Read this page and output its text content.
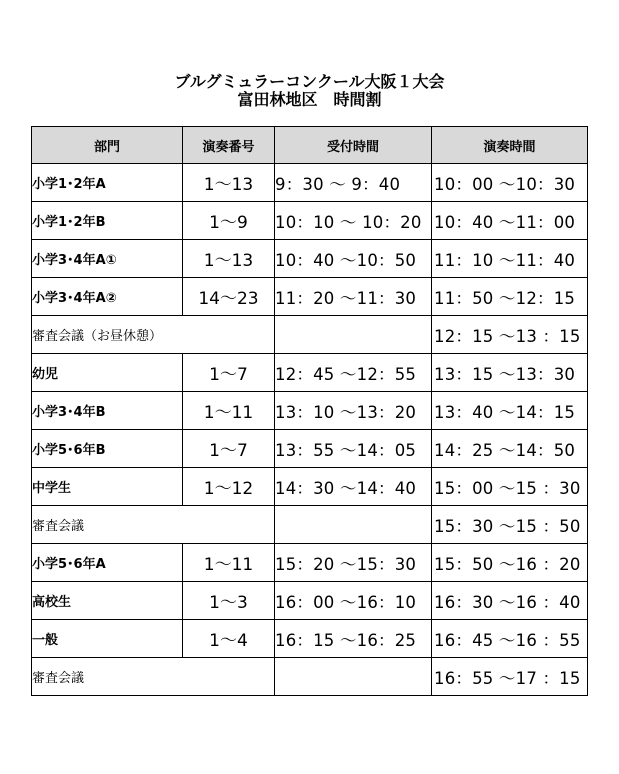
ブルグミュラーコンクール大阪１大会
富田林地区　時間割
部門	演奏番号	受付時間	演奏時間
小学1･2年A	1～13	9：30 ～ 9：40	10：00 ～10：30
小学1･2年B	1～9	10：10 ～ 10：20	10：40 ～11：00
小学3･4年A①	1～13	10：40 ～10：50	11：10 ～11：40
小学3･4年A②	14～23	11：20 ～11：30	11：50 ～12：15
審査会議（お昼休憩）			12：15 ～13 ：15
幼児	1～7	12：45 ～12：55	13：15 ～13：30
小学3･4年B	1～11	13：10 ～13：20	13：40 ～14：15
小学5･6年B	1～7	13：55 ～14：05	14：25 ～14：50
中学生	1～12	14：30 ～14：40	15：00 ～15 ：30
審査会議			15：30 ～15 ：50
小学5･6年A	1～11	15：20 ～15：30	15：50 ～16 ：20
高校生	1～3	16：00 ～16：10	16：30 ～16 ：40
一般	1～4	16：15 ～16：25	16：45 ～16 ：55
審査会議			16：55 ～17 ：15
